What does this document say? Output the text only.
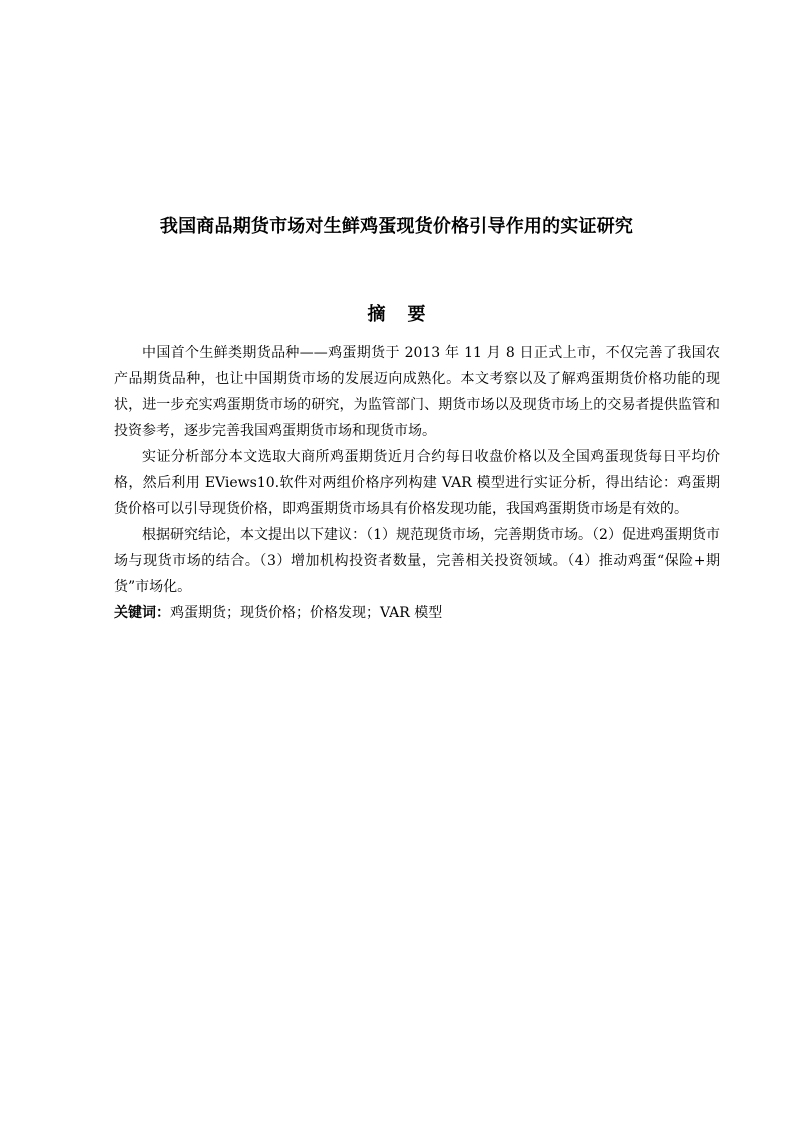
我国商品期货市场对生鲜鸡蛋现货价格引导作用的实证研究
摘 要

中国首个生鲜类期货品种——鸡蛋期货于 2013 年 11 月 8 日正式上市，不仅完善了我国农产品期货品种，也让中国期货市场的发展迈向成熟化。本文考察以及了解鸡蛋期货价格功能的现状，进一步充实鸡蛋期货市场的研究，为监管部门、期货市场以及现货市场上的交易者提供监管和投资参考，逐步完善我国鸡蛋期货市场和现货市场。

实证分析部分本文选取大商所鸡蛋期货近月合约每日收盘价格以及全国鸡蛋现货每日平均价格，然后利用 EViews10.软件对两组价格序列构建 VAR 模型进行实证分析，得出结论：鸡蛋期货价格可以引导现货价格，即鸡蛋期货市场具有价格发现功能，我国鸡蛋期货市场是有效的。

根据研究结论，本文提出以下建议：（1）规范现货市场，完善期货市场。（2）促进鸡蛋期货市场与现货市场的结合。（3）增加机构投资者数量，完善相关投资领域。（4）推动鸡蛋“保险+期货”市场化。

关键词：鸡蛋期货；现货价格；价格发现；VAR 模型
